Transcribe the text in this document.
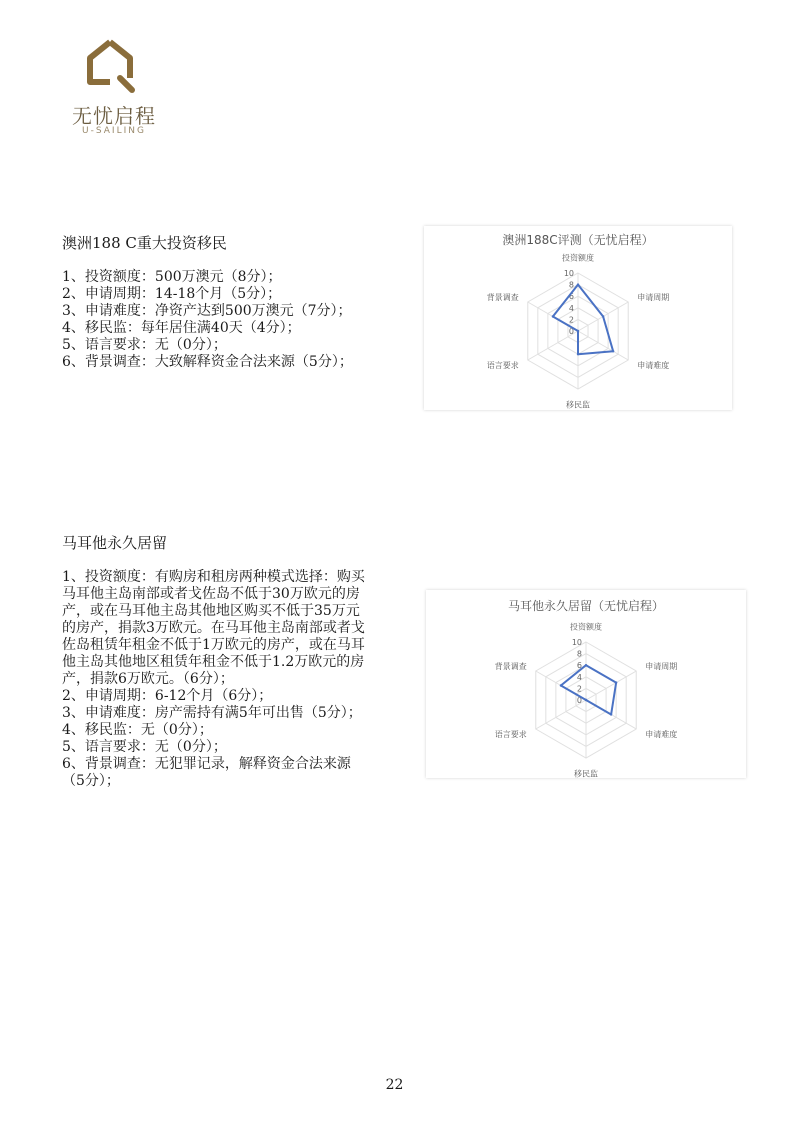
无忧启程
U-SAILING
澳洲188 C重大投资移民
1、投资额度：500万澳元（8分）；
2、申请周期：14-18个月（5分）；
3、申请难度：净资产达到500万澳元（7分）；
4、移民监：每年居住满40天（4分）；
5、语言要求：无（0分）；
6、背景调查：大致解释资金合法来源（5分）；
澳洲188C评测（无忧启程）
0
2
4
6
8
10
投资额度
申请周期
申请难度
移民监
语言要求
背景调查
马耳他永久居留
1、投资额度：有购房和租房两种模式选择：购买马耳他主岛南部或者戈佐岛不低于30万欧元的房产，或在马耳他主岛其他地区购买不低于35万元的房产，捐款3万欧元。在马耳他主岛南部或者戈佐岛租赁年租金不低于1万欧元的房产，或在马耳他主岛其他地区租赁年租金不低于1.2万欧元的房产，捐款6万欧元。（6分）；
2、申请周期：6-12个月（6分）；
3、申请难度：房产需持有满5年可出售（5分）；
4、移民监：无（0分）；
5、语言要求：无（0分）；
6、背景调查：无犯罪记录，解释资金合法来源（5分）；
马耳他永久居留（无忧启程）
0
2
4
6
8
10
投资额度
申请周期
申请难度
移民监
语言要求
背景调查
22
